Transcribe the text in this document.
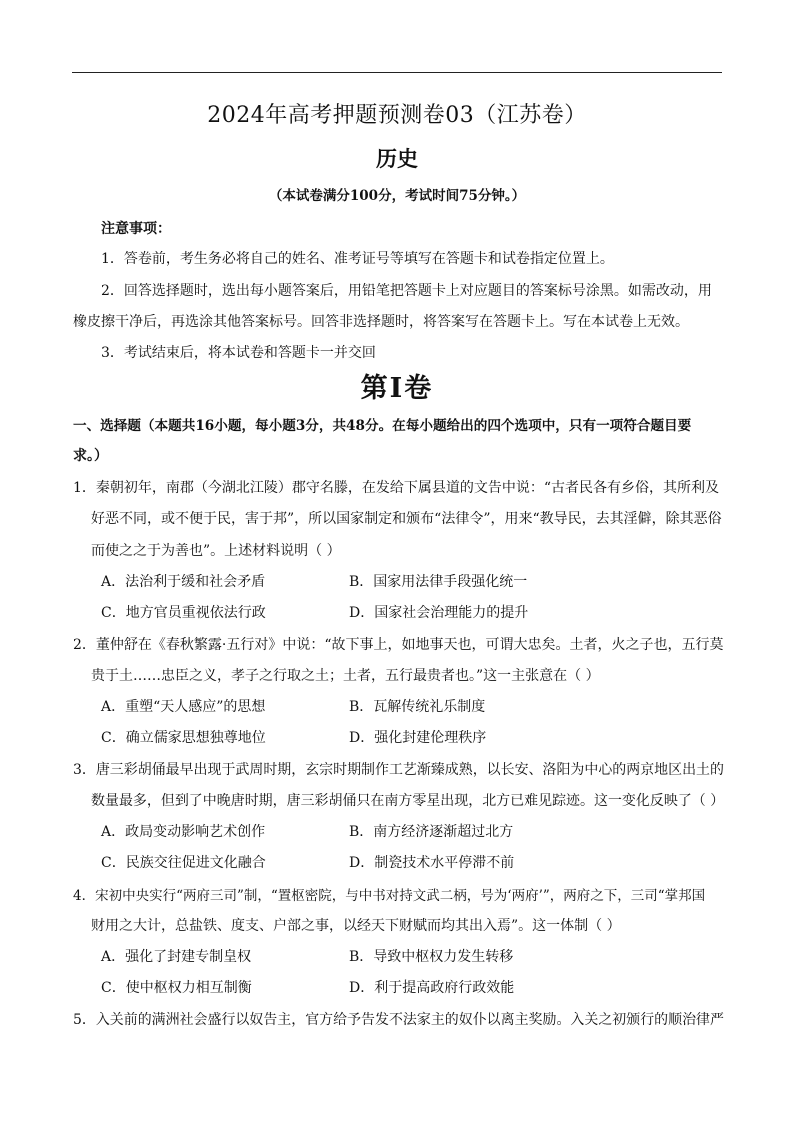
2024年高考押题预测卷03（江苏卷）
历史
（本试卷满分100分，考试时间75分钟。）
注意事项：
1．答卷前，考生务必将自己的姓名、准考证号等填写在答题卡和试卷指定位置上。
2．回答选择题时，选出每小题答案后，用铅笔把答题卡上对应题目的答案标号涂黑。如需改动，用
橡皮擦干净后，再选涂其他答案标号。回答非选择题时，将答案写在答题卡上。写在本试卷上无效。
3．考试结束后，将本试卷和答题卡一并交回
第Ⅰ卷
一、选择题（本题共16小题，每小题3分，共48分。在每小题给出的四个选项中，只有一项符合题目要
求。）
1．秦朝初年，南郡（今湖北江陵）郡守名滕，在发给下属县道的文告中说：“古者民各有乡俗，其所利及
好恶不同，或不便于民，害于邦”，所以国家制定和颁布“法律令”，用来“教导民，去其淫僻，除其恶俗
而使之之于为善也”。上述材料说明（ ）
A．法治利于缓和社会矛盾	B．国家用法律手段强化统一
C．地方官员重视依法行政	D．国家社会治理能力的提升
2．董仲舒在《春秋繁露·五行对》中说：“故下事上，如地事天也，可谓大忠矣。土者，火之子也，五行莫
贵于土……忠臣之义，孝子之行取之土；土者，五行最贵者也。”这一主张意在（ ）
A．重塑“天人感应”的思想	B．瓦解传统礼乐制度
C．确立儒家思想独尊地位	D．强化封建伦理秩序
3．唐三彩胡俑最早出现于武周时期，玄宗时期制作工艺渐臻成熟，以长安、洛阳为中心的两京地区出土的
数量最多，但到了中晚唐时期，唐三彩胡俑只在南方零星出现，北方已难见踪迹。这一变化反映了（ ）
A．政局变动影响艺术创作	B．南方经济逐渐超过北方
C．民族交往促进文化融合	D．制瓷技术水平停滞不前
4．宋初中央实行“两府三司”制，“置枢密院，与中书对持文武二柄，号为‘两府’”，两府之下，三司“掌邦国
财用之大计，总盐铁、度支、户部之事，以经天下财赋而均其出入焉”。这一体制（ ）
A．强化了封建专制皇权	B．导致中枢权力发生转移
C．使中枢权力相互制衡	D．利于提高政府行政效能
5．入关前的满洲社会盛行以奴告主，官方给予告发不法家主的奴仆以离主奖励。入关之初颁行的顺治律严
